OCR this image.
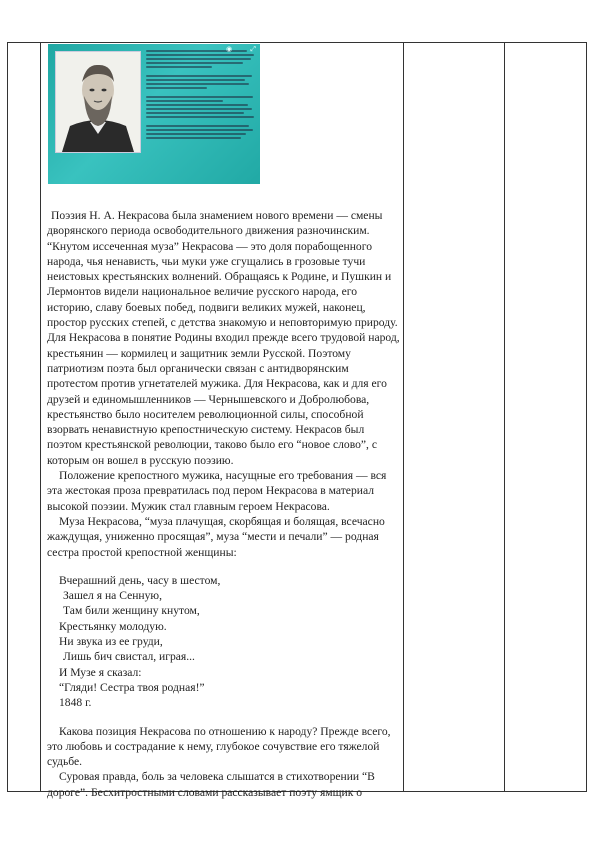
◉	⤢

Поэзия Н. А. Некрасова была знамением нового времени — смены дворянского периода освободительного движения разночинским. “Кнутом иссеченная муза” Некрасова — это доля порабощенного народа, чья ненависть, чьи муки уже сгущались в грозовые тучи неистовых крестьянских волнений. Обращаясь к Родине, и Пушкин и Лермонтов видели национальное величие русского народа, его историю, славу боевых побед, подвиги великих мужей, наконец, простор русских степей, с детства знакомую и неповторимую природу. Для Некрасова в понятие Родины входил прежде всего трудовой народ, крестьянин — кормилец и защитник земли Русской. Поэтому патриотизм поэта был органически связан с антидворянским протестом против угнетателей мужика. Для Некрасова, как и для его друзей и единомышленников — Чернышевского и Добролюбова, крестьянство было носителем революционной силы, способной взорвать ненавистную крепостническую систему. Некрасов был поэтом крестьянской революции, таково было его “новое слово”, с которым он вошел в русскую поэзию.

Положение крепостного мужика, насущные его требования — вся эта жестокая проза превратилась под пером Некрасова в материал высокой поэзии. Мужик стал главным героем Некрасова.

Муза Некрасова, “муза плачущая, скорбящая и болящая, всечасно жаждущая, униженно просящая”, муза “мести и печали” — родная сестра простой крепостной женщины:

Вчерашний день, часу в шестом,
Зашел я на Сенную,
Там били женщину кнутом,
Крестьянку молодую.
Ни звука из ее груди,
Лишь бич свистал, играя...
И Музе я сказал:
“Гляди! Сестра твоя родная!”
1848 г.

Какова позиция Некрасова по отношению к народу? Прежде всего, это любовь и сострадание к нему, глубокое сочувствие его тяжелой судьбе.

Суровая правда, боль за человека слышатся в стихотворении “В дороге”. Бесхитростными словами рассказывает поэту ямщик о
